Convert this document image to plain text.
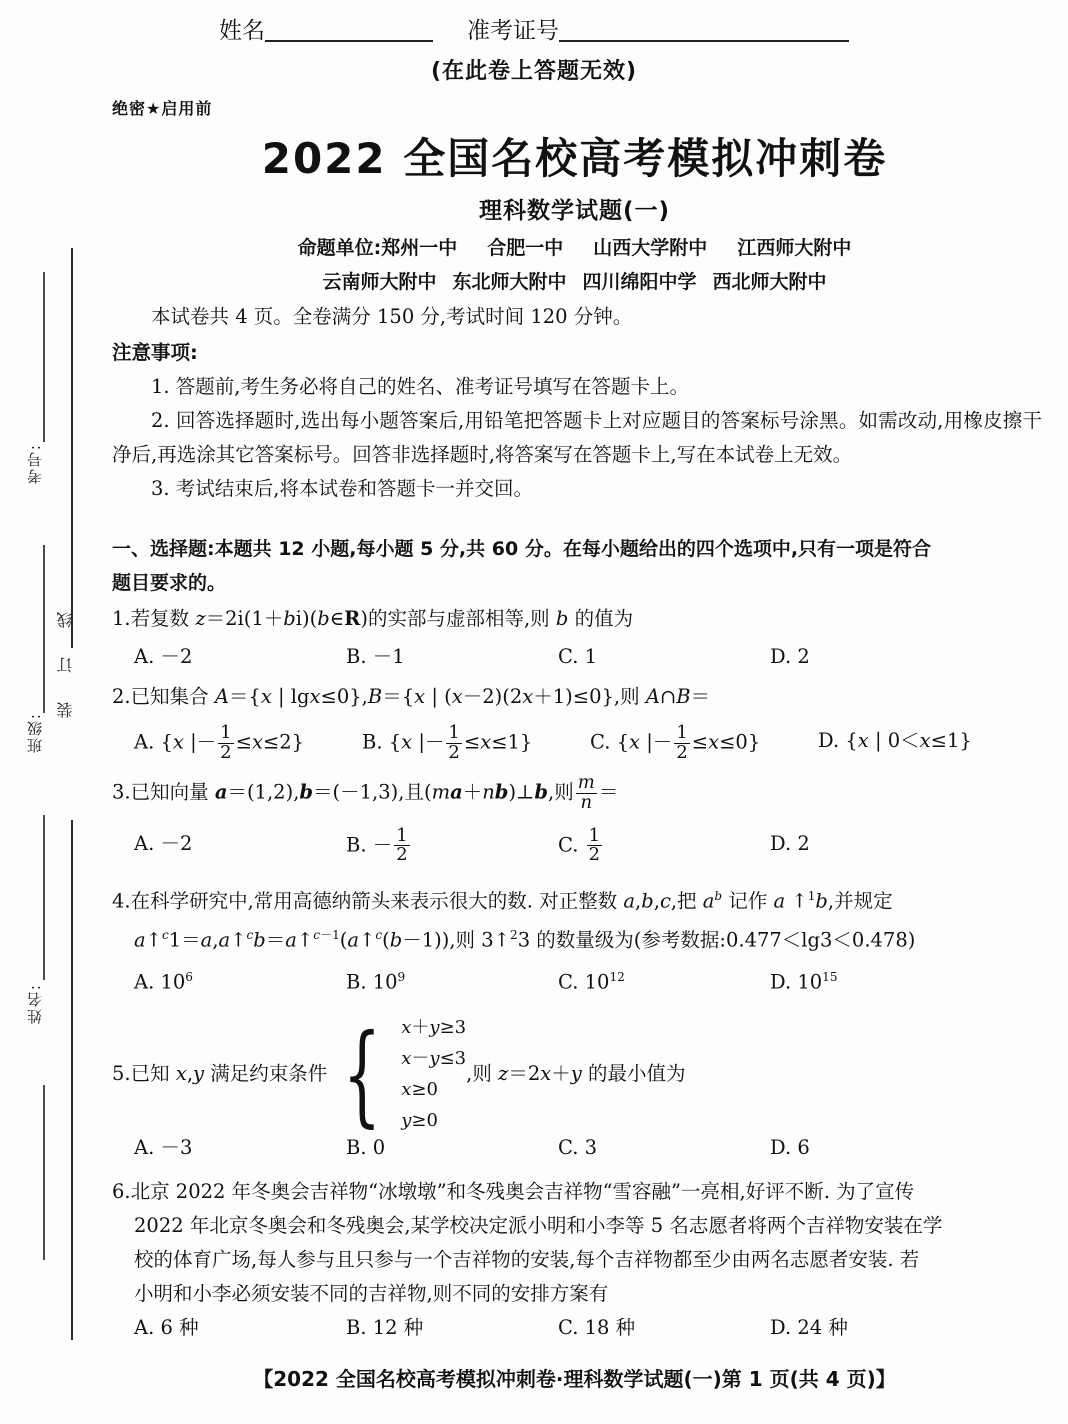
考号:
班级:
姓名:
装 订 线
姓名	准考证号
(在此卷上答题无效)
绝密★启用前
2022 全国名校高考模拟冲刺卷
理科数学试题(一)
命题单位:郑州一中 合肥一中 山西大学附中 江西师大附中
云南师大附中 东北师大附中 四川绵阳中学 西北师大附中
本试卷共 4 页。全卷满分 150 分,考试时间 120 分钟。
注意事项:
1. 答题前,考生务必将自己的姓名、准考证号填写在答题卡上。
2. 回答选择题时,选出每小题答案后,用铅笔把答题卡上对应题目的答案标号涂黑。如需改动,用橡皮擦干净后,再选涂其它答案标号。回答非选择题时,将答案写在答题卡上,写在本试卷上无效。
3. 考试结束后,将本试卷和答题卡一并交回。
一、选择题:本题共 12 小题,每小题 5 分,共 60 分。在每小题给出的四个选项中,只有一项是符合
题目要求的。
1.若复数 z＝2i(1＋bi)(b∈R)的实部与虚部相等,则 b 的值为
A. －2	B. －1	C. 1	D. 2
2.已知集合 A＝{x | lgx≤0},B＝{x | (x－2)(2x＋1)≤0},则 A∩B＝
A. {x |－ $\frac{1}{2} \le x\le 2$}	B. {x |－ $\frac{1}{2} \le x\le 1$}	C. {x |－ $\frac{1}{2} \le x\le 0$}	D. {x | 0＜x≤1}
3.已知向量 a＝(1,2),b＝(－1,3),且(ma＋nb)⊥b,则 $\frac{m}{n}$ ＝
A. －2	B. － $\frac{1}{2}$	C. $\frac{1}{2}$	D. 2
4.在科学研究中,常用高德纳箭头来表示很大的数. 对正整数 a,b,c,把 $a^b$ 记作 a ↑$^1$b,并规定
a↑$^c$1＝a,a↑$^c$b＝a↑$^{c-1}$(a↑$^c$(b－1)),则 3↑$^2$3 的数量级为(参考数据:0.477＜lg3＜0.478)
A. $10^6$	B. $10^9$	C. $10^{12}$	D. $10^{15}$
5. 已知 x,y 满足约束条件 { x＋y≥3
x－y≤3
x≥0
y≥0
,则 z＝2x＋y 的最小值为
A. －3	B. 0	C. 3	D. 6
6.北京 2022 年冬奥会吉祥物“冰墩墩”和冬残奥会吉祥物“雪容融”一亮相,好评不断. 为了宣传
2022 年北京冬奥会和冬残奥会,某学校决定派小明和小李等 5 名志愿者将两个吉祥物安装在学
校的体育广场,每人参与且只参与一个吉祥物的安装,每个吉祥物都至少由两名志愿者安装. 若
小明和小李必须安装不同的吉祥物,则不同的安排方案有
A. 6 种	B. 12 种	C. 18 种	D. 24 种
【2022 全国名校高考模拟冲刺卷·理科数学试题(一)第 1 页(共 4 页)】
